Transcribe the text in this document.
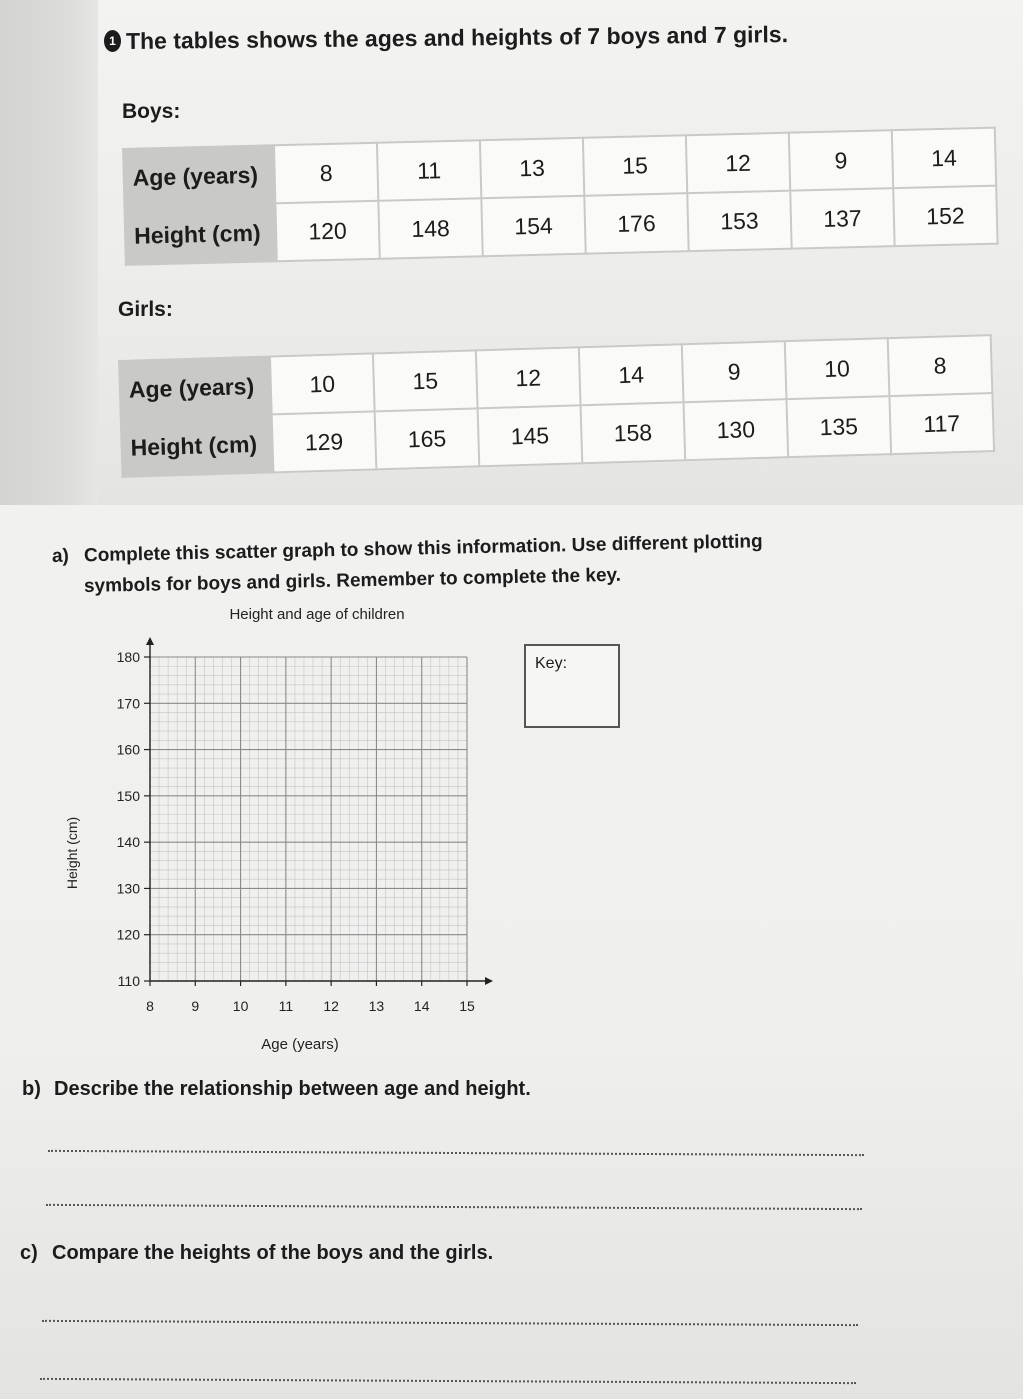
1 The tables shows the ages and heights of 7 boys and 7 girls.
Boys:
Age (years)	8	11	13	15	12	9	14
Height (cm)	120	148	154	176	153	137	152
Girls:
Age (years)	10	15	12	14	9	10	8
Height (cm)	129	165	145	158	130	135	117
a) Complete this scatter graph to show this information. Use different plotting
symbols for boys and girls. Remember to complete the key.
Height and age of children
110
120
130
140
150
160
170
180
8	9 10 11 12 13 14 15
Height (cm)
Age (years)
Key:
b) Describe the relationship between age and height.
c) Compare the heights of the boys and the girls.
